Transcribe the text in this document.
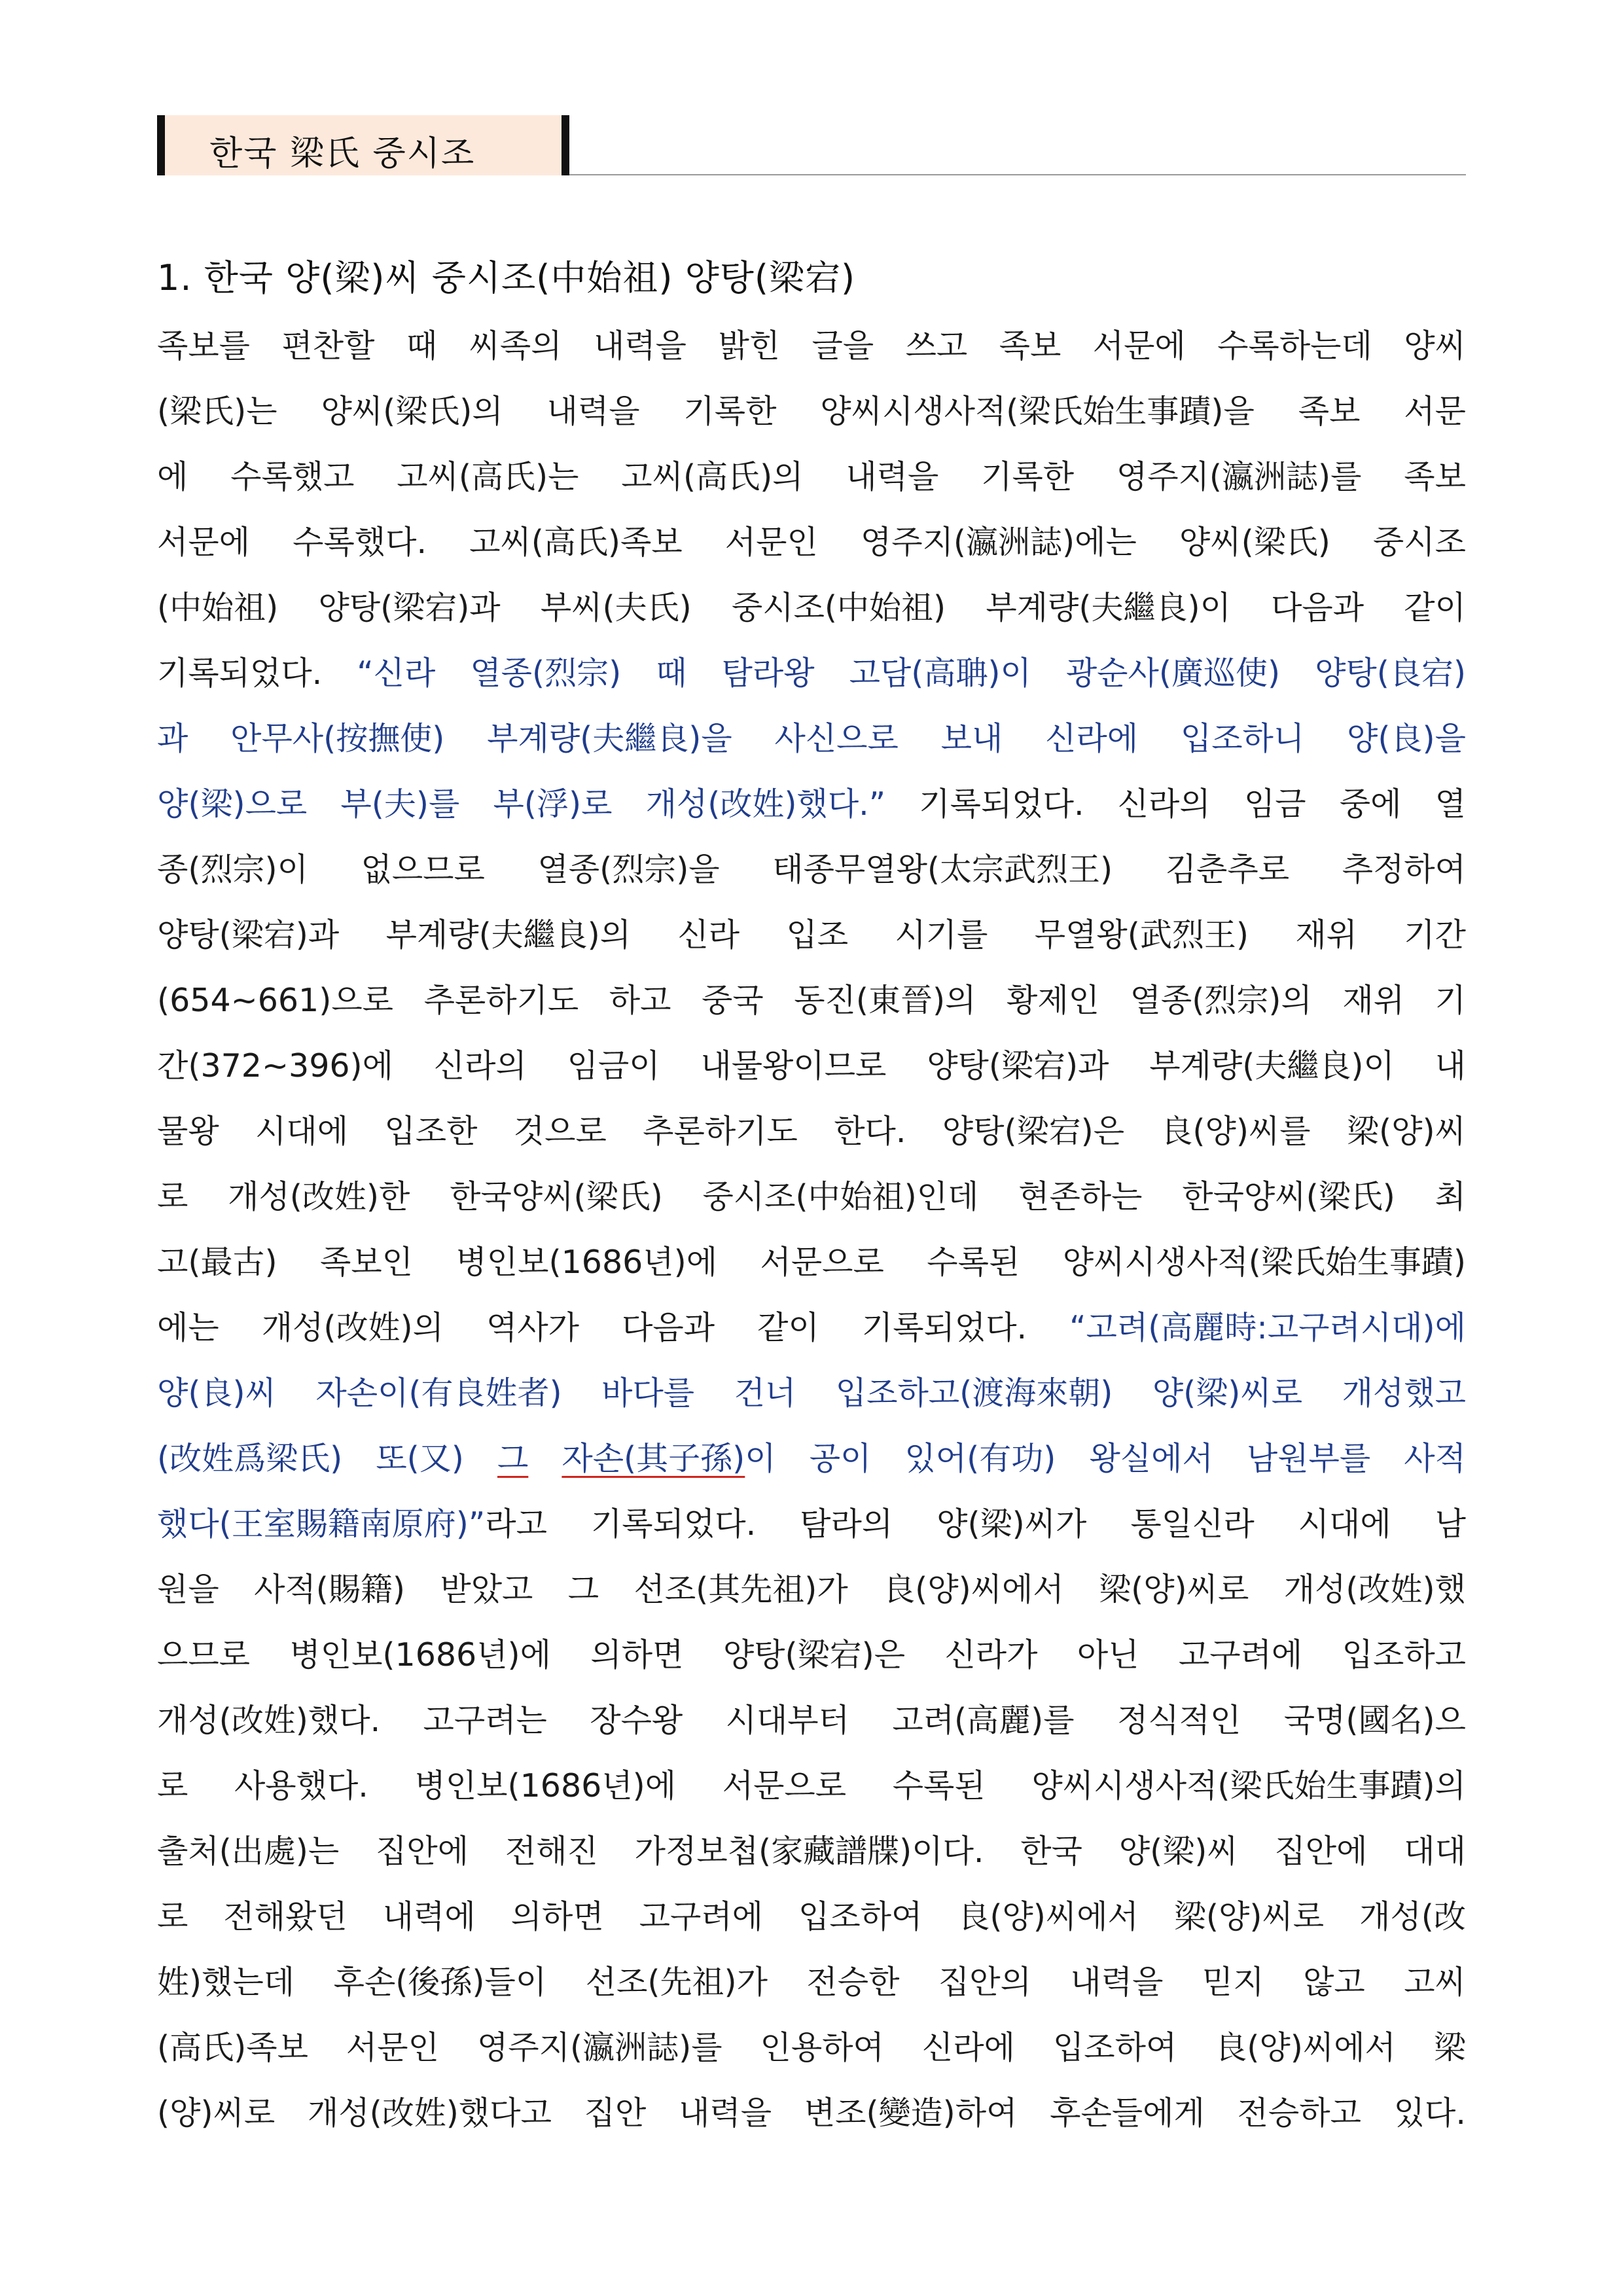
한국 梁氏 중시조
1. 한국 양(梁)씨 중시조(中始祖) 양탕(梁宕)
족보를 편찬할 때 씨족의 내력을 밝힌 글을 쓰고 족보 서문에 수록하는데 양씨
(梁氏)는 양씨(梁氏)의 내력을 기록한 양씨시생사적(梁氏始生事蹟)을 족보 서문
에 수록했고 고씨(高氏)는 고씨(高氏)의 내력을 기록한 영주지(瀛洲誌)를 족보
서문에 수록했다. 고씨(高氏)족보 서문인 영주지(瀛洲誌)에는 양씨(梁氏) 중시조
(中始祖) 양탕(梁宕)과 부씨(夫氏) 중시조(中始祖) 부계량(夫繼良)이 다음과 같이
기록되었다. “신라 열종(烈宗) 때 탐라왕 고담(高聃)이 광순사(廣巡使) 양탕(良宕)
과 안무사(按撫使) 부계량(夫繼良)을 사신으로 보내 신라에 입조하니 양(良)을
양(梁)으로 부(夫)를 부(浮)로 개성(改姓)했다.” 기록되었다. 신라의 임금 중에 열
종(烈宗)이 없으므로 열종(烈宗)을 태종무열왕(太宗武烈王) 김춘추로 추정하여
양탕(梁宕)과 부계량(夫繼良)의 신라 입조 시기를 무열왕(武烈王) 재위 기간
(654~661)으로 추론하기도 하고 중국 동진(東晉)의 황제인 열종(烈宗)의 재위 기
간(372~396)에 신라의 임금이 내물왕이므로 양탕(梁宕)과 부계량(夫繼良)이 내
물왕 시대에 입조한 것으로 추론하기도 한다. 양탕(梁宕)은 良(양)씨를 梁(양)씨
로 개성(改姓)한 한국양씨(梁氏) 중시조(中始祖)인데 현존하는 한국양씨(梁氏) 최
고(最古) 족보인 병인보(1686년)에 서문으로 수록된 양씨시생사적(梁氏始生事蹟)
에는 개성(改姓)의 역사가 다음과 같이 기록되었다. “고려(高麗時:고구려시대)에
양(良)씨 자손이(有良姓者) 바다를 건너 입조하고(渡海來朝) 양(梁)씨로 개성했고
(改姓爲梁氏) 또(又) 그 자손(其子孫)이 공이 있어(有功) 왕실에서 남원부를 사적
했다(王室賜籍南原府)”라고 기록되었다. 탐라의 양(梁)씨가 통일신라 시대에 남
원을 사적(賜籍) 받았고 그 선조(其先祖)가 良(양)씨에서 梁(양)씨로 개성(改姓)했
으므로 병인보(1686년)에 의하면 양탕(梁宕)은 신라가 아닌 고구려에 입조하고
개성(改姓)했다. 고구려는 장수왕 시대부터 고려(高麗)를 정식적인 국명(國名)으
로 사용했다. 병인보(1686년)에 서문으로 수록된 양씨시생사적(梁氏始生事蹟)의
출처(出處)는 집안에 전해진 가정보첩(家藏譜牒)이다. 한국 양(梁)씨 집안에 대대
로 전해왔던 내력에 의하면 고구려에 입조하여 良(양)씨에서 梁(양)씨로 개성(改
姓)했는데 후손(後孫)들이 선조(先祖)가 전승한 집안의 내력을 믿지 않고 고씨
(高氏)족보 서문인 영주지(瀛洲誌)를 인용하여 신라에 입조하여 良(양)씨에서 梁
(양)씨로 개성(改姓)했다고 집안 내력을 변조(變造)하여 후손들에게 전승하고 있다.
